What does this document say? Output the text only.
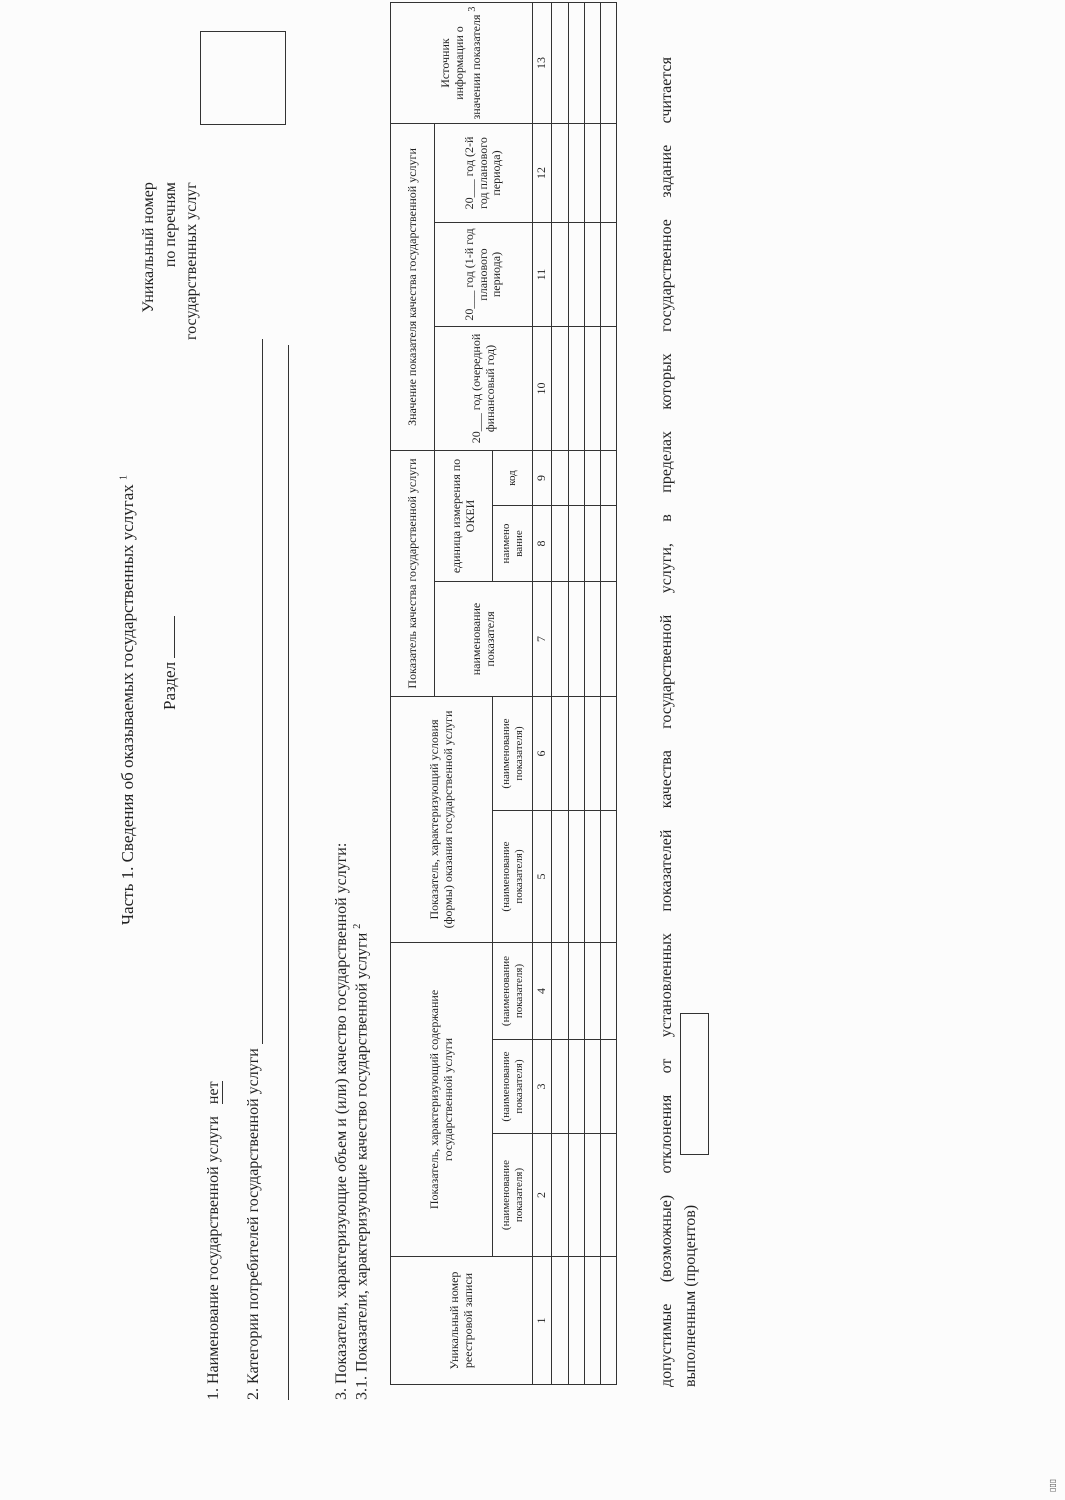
Часть 1. Сведения об оказываемых государственных услугах $^1$
Раздел
1. Наименование государственной услуги нет 2. Категории потребителей государственной услуги
Уникальный номер по перечням государственных услуг
3. Показатели, характеризующие объем и (или) качество государственной услуги: 3.1. Показатели, характеризующие качество государственной услуги $^2$
Уникальный номер реестровой записи	Показатель, характеризующий содержание государственной услуги			Показатель, характеризующий условия (формы) оказания государственной услуги		Показатель качества государственной услуги			Значение показателя качества государственной услуги			Источник информации о значении показателя $^3$

						наименование показателя	единица измерения по ОКЕИ		20___ год (очередной финансовый год)	20___ год (1-й год планового периода)	20___ год (2-й год планового периода)	

	(наименование показателя)	(наименование показателя)	(наименование показателя)	(наименование показателя)	(наименование показателя)		наимено вание	код				

1	2	3	4	5	6	7	8	9	10	11	12	13

													допустимые (возможные) отклонения от установленных показателей качества государственной услуги, в пределах которых государственное задание считается выполненным (процентов)
▯▯▯
